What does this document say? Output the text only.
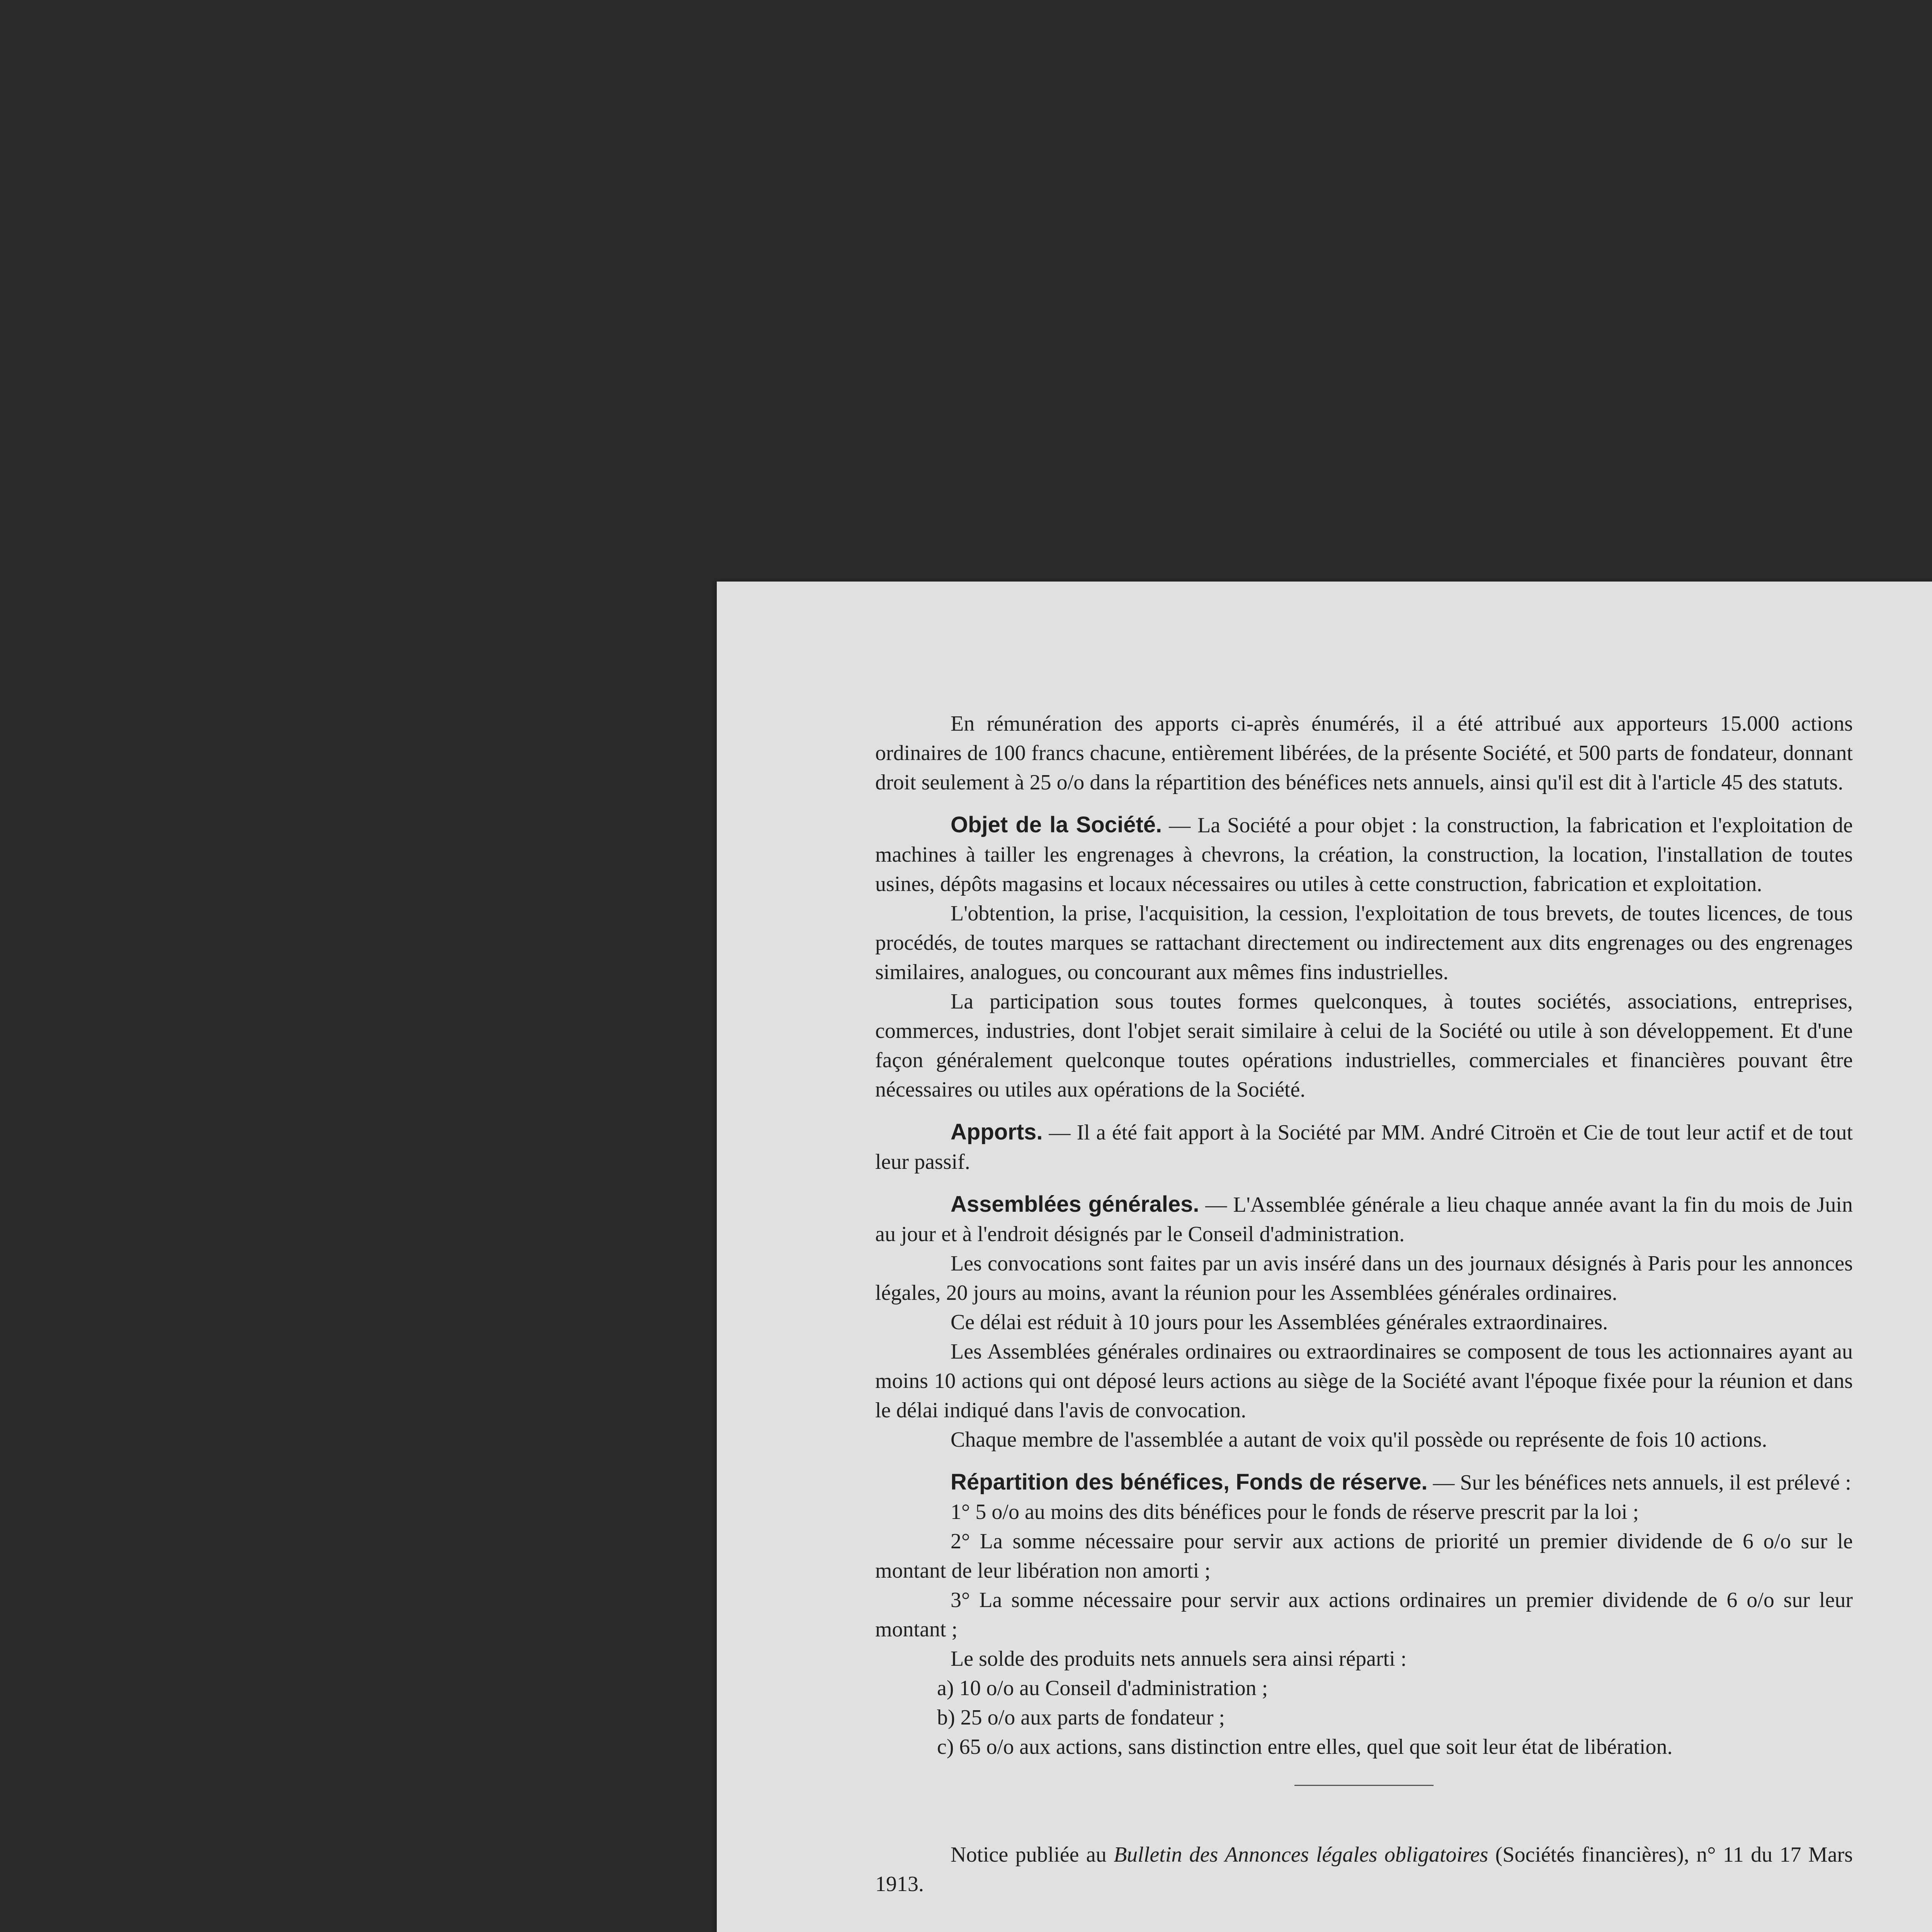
En rémunération des apports ci-après énumérés, il a été attribué aux apporteurs 15.000 actions ordinaires de 100 francs chacune, entièrement libérées, de la présente Société, et 500 parts de fondateur, donnant droit seulement à 25 o/o dans la répartition des bénéfices nets annuels, ainsi qu'il est dit à l'article 45 des statuts.

Objet de la Société. — La Société a pour objet : la construction, la fabrication et l'exploitation de machines à tailler les engrenages à chevrons, la création, la construction, la location, l'installation de toutes usines, dépôts magasins et locaux nécessaires ou utiles à cette construction, fabrication et exploitation.

L'obtention, la prise, l'acquisition, la cession, l'exploitation de tous brevets, de toutes licences, de tous procédés, de toutes marques se rattachant directement ou indirectement aux dits engrenages ou des engrenages similaires, analogues, ou concourant aux mêmes fins industrielles.

La participation sous toutes formes quelconques, à toutes sociétés, associations, entreprises, commerces, industries, dont l'objet serait similaire à celui de la Société ou utile à son développement. Et d'une façon généralement quelconque toutes opérations industrielles, commerciales et financières pouvant être nécessaires ou utiles aux opérations de la Société.

Apports. — Il a été fait apport à la Société par MM. André Citroën et Cie de tout leur actif et de tout leur passif.

Assemblées générales. — L'Assemblée générale a lieu chaque année avant la fin du mois de Juin au jour et à l'endroit désignés par le Conseil d'administration.

Les convocations sont faites par un avis inséré dans un des journaux désignés à Paris pour les annonces légales, 20 jours au moins, avant la réunion pour les Assemblées générales ordinaires.

Ce délai est réduit à 10 jours pour les Assemblées générales extraordinaires.

Les Assemblées générales ordinaires ou extraordinaires se composent de tous les actionnaires ayant au moins 10 actions qui ont déposé leurs actions au siège de la Société avant l'époque fixée pour la réunion et dans le délai indiqué dans l'avis de convocation.

Chaque membre de l'assemblée a autant de voix qu'il possède ou représente de fois 10 actions.

Répartition des bénéfices, Fonds de réserve. — Sur les bénéfices nets annuels, il est prélevé :

1° 5 o/o au moins des dits bénéfices pour le fonds de réserve prescrit par la loi ;

2° La somme nécessaire pour servir aux actions de priorité un premier dividende de 6 o/o sur le montant de leur libération non amorti ;

3° La somme nécessaire pour servir aux actions ordinaires un premier dividende de 6 o/o sur leur montant ;

Le solde des produits nets annuels sera ainsi réparti :

a) 10 o/o au Conseil d'administration ;

b) 25 o/o aux parts de fondateur ;

c) 65 o/o aux actions, sans distinction entre elles, quel que soit leur état de libération.

Notice publiée au Bulletin des Annonces légales obligatoires (Sociétés financières), n° 11 du 17 Mars 1913.
